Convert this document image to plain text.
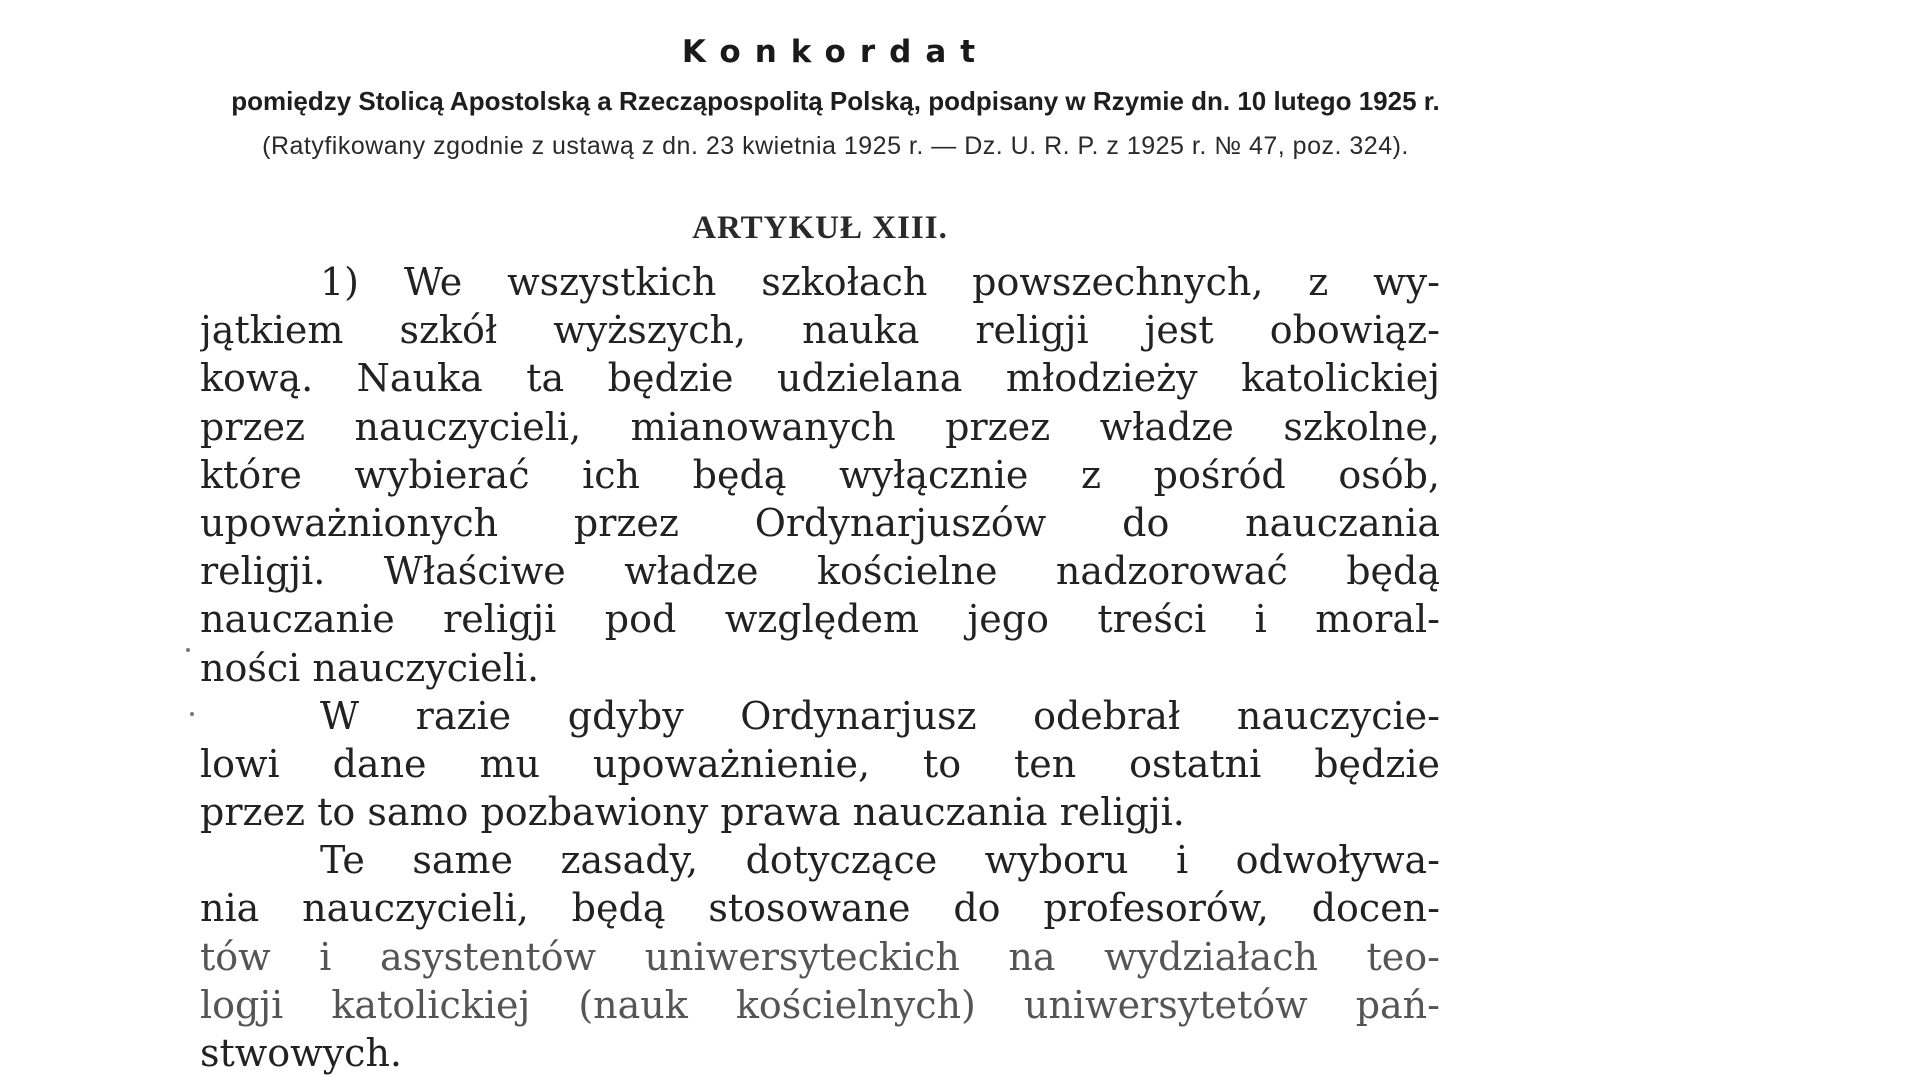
Konkordat
pomiędzy Stolicą Apostolską a Rzecząpospolitą Polską, podpisany w Rzymie dn. 10 lutego 1925 r.
(Ratyfikowany zgodnie z ustawą z dn. 23 kwietnia 1925 r. — Dz. U. R. P. z 1925 r. № 47, poz. 324).
ARTYKUŁ XIII.
1) We wszystkich szkołach powszechnych, z wy-
jątkiem szkół wyższych, nauka religji jest obowiąz-
kową. Nauka ta będzie udzielana młodzieży katolickiej
przez nauczycieli, mianowanych przez władze szkolne,
które wybierać ich będą wyłącznie z pośród osób,
upoważnionych przez Ordynarjuszów do nauczania
religji. Właściwe władze kościelne nadzorować będą
nauczanie religji pod względem jego treści i moral-
ności nauczycieli.
W razie gdyby Ordynarjusz odebrał nauczycie-
lowi dane mu upoważnienie, to ten ostatni będzie
przez to samo pozbawiony prawa nauczania religji.
Te same zasady, dotyczące wyboru i odwoływa-
nia nauczycieli, będą stosowane do profesorów, docen-
tów i asystentów uniwersyteckich na wydziałach teo-
logji katolickiej (nauk kościelnych) uniwersytetów pań-
stwowych.
